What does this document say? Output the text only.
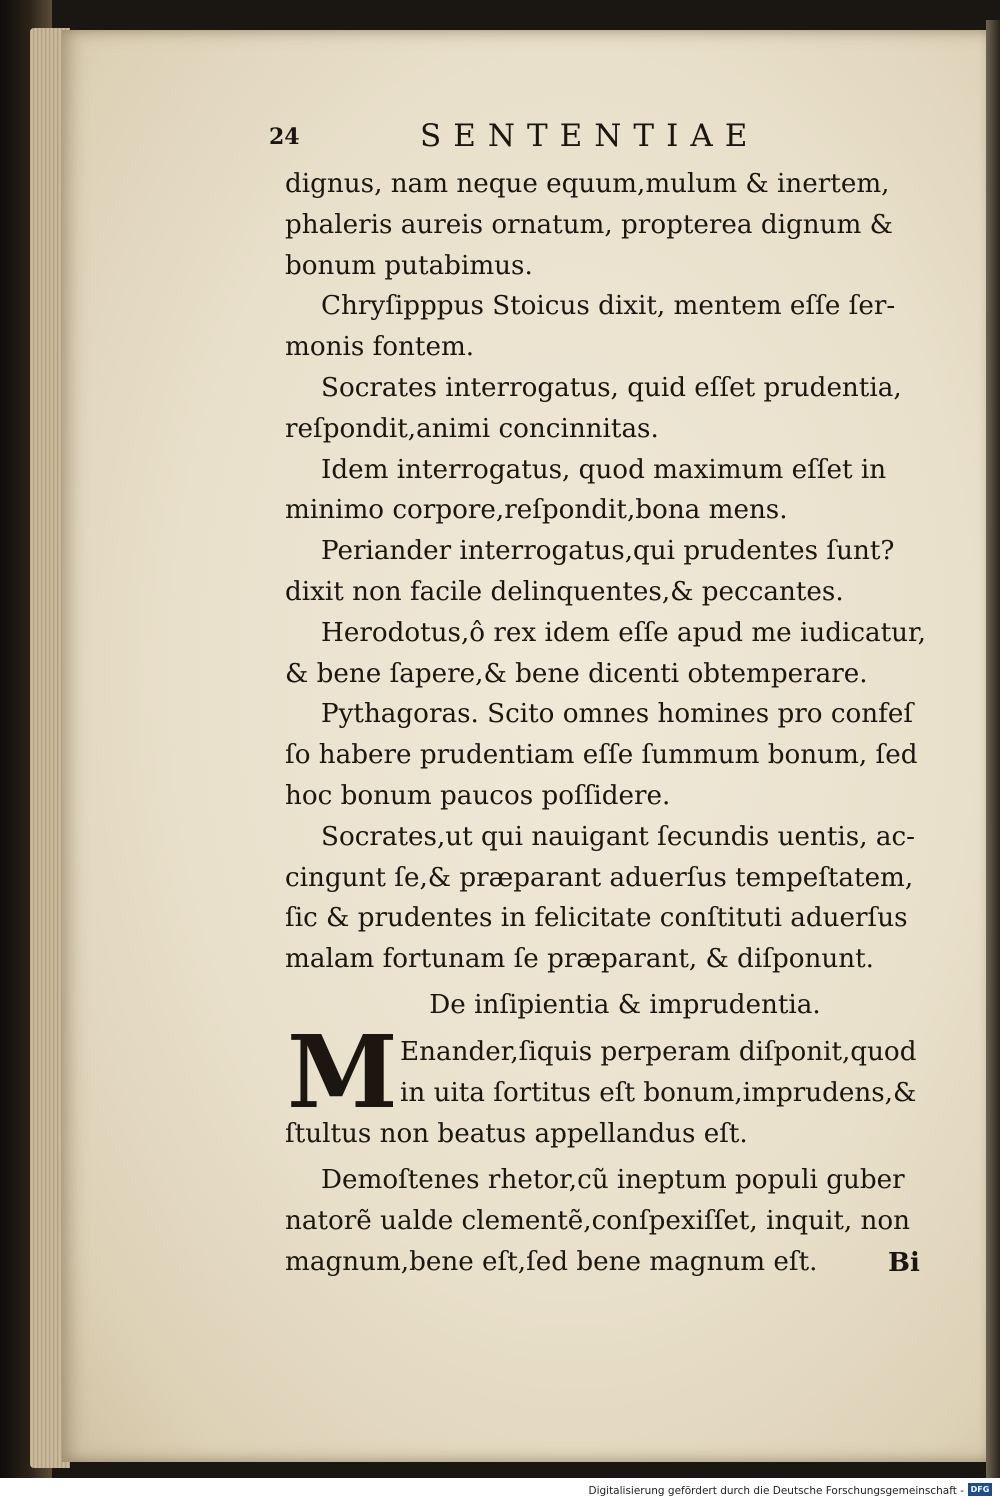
24	SENTENTIAE

dignus, nam neque equum,mulum & inertem,
phaleris aureis ornatum, propterea dignum &
bonum putabimus.

Chryſipppus Stoicus dixit, mentem eſſe ſer-
monis fontem.

Socrates interrogatus, quid eſſet prudentia,
reſpondit,animi concinnitas.

Idem interrogatus, quod maximum eſſet in
minimo corpore,reſpondit,bona mens.

Periander interrogatus,qui prudentes ſunt?
dixit non facile delinquentes,& peccantes.

Herodotus,ô rex idem eſſe apud me iudicatur,
& bene ſapere,& bene dicenti obtemperare.

Pythagoras. Scito omnes homines pro confeſ
ſo habere prudentiam eſſe ſummum bonum, ſed
hoc bonum paucos poſſidere.

Socrates,ut qui nauigant ſecundis uentis, ac-
cingunt ſe,& præparant aduerſus tempeſtatem,
ſic & prudentes in felicitate conſtituti aduerſus
malam fortunam ſe præparant, & diſponunt.

De inſipientia & imprudentia.

M Enander,ſiquis perperam diſponit,quod
in uita ſortitus eſt bonum,imprudens,&
ſtultus non beatus appellandus eſt.

Demoſtenes rhetor,cũ ineptum populi guber
natorẽ ualde clementẽ,conſpexiſſet, inquit, non
magnum,bene eſt,ſed bene magnum eſt.	Bi
Digitalisierung gefördert durch die Deutsche Forschungsgemeinschaft - DFG
